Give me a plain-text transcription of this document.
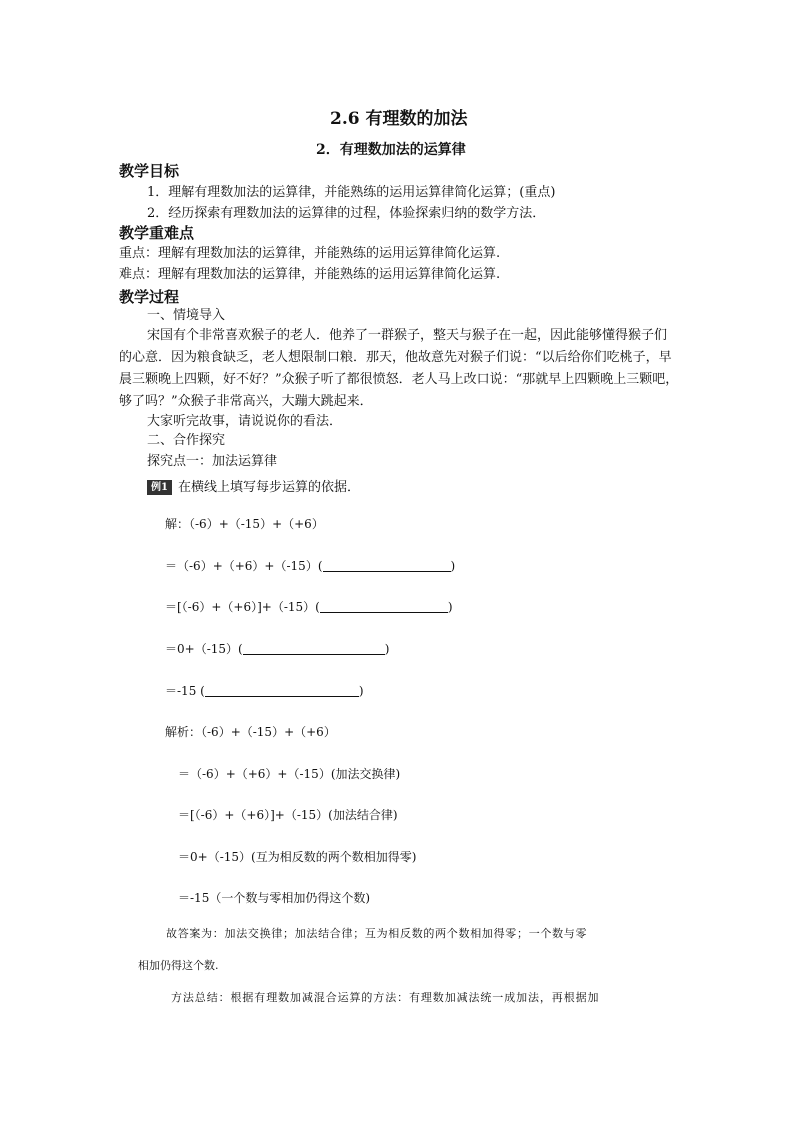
2.6 有理数的加法
2．有理数加法的运算律
教学目标
1．理解有理数加法的运算律，并能熟练的运用运算律简化运算；(重点)
2．经历探索有理数加法的运算律的过程，体验探索归纳的数学方法．
教学重难点
重点：理解有理数加法的运算律，并能熟练的运用运算律简化运算.
难点：理解有理数加法的运算律，并能熟练的运用运算律简化运算.
教学过程
一、情境导入
宋国有个非常喜欢猴子的老人．他养了一群猴子，整天与猴子在一起，因此能够懂得猴子们的心意．因为粮食缺乏，老人想限制口粮．那天，他故意先对猴子们说：“以后给你们吃桃子，早晨三颗晚上四颗，好不好？”众猴子听了都很愤怒．老人马上改口说：“那就早上四颗晚上三颗吧，够了吗？”众猴子非常高兴，大蹦大跳起来．
大家听完故事，请说说你的看法．
二、合作探究
探究点一：加法运算律
例1 在横线上填写每步运算的依据．
解：（-6）+（-15）+（+6）
＝（-6）+（+6）+（-15）(	)
＝[（-6）+（+6）]+（-15）(	)
＝0+（-15）(	)
＝-15 (	)
解析：（-6）+（-15）+（+6）
＝（-6）+（+6）+（-15）(加法交换律)
＝[（-6）+（+6）]+（-15）(加法结合律)
＝0+（-15）(互为相反数的两个数相加得零)
＝-15（一个数与零相加仍得这个数)
故答案为：加法交换律；加法结合律；互为相反数的两个数相加得零；一个数与零
相加仍得这个数.
方法总结：根据有理数加减混合运算的方法：有理数加减法统一成加法，再根据加
